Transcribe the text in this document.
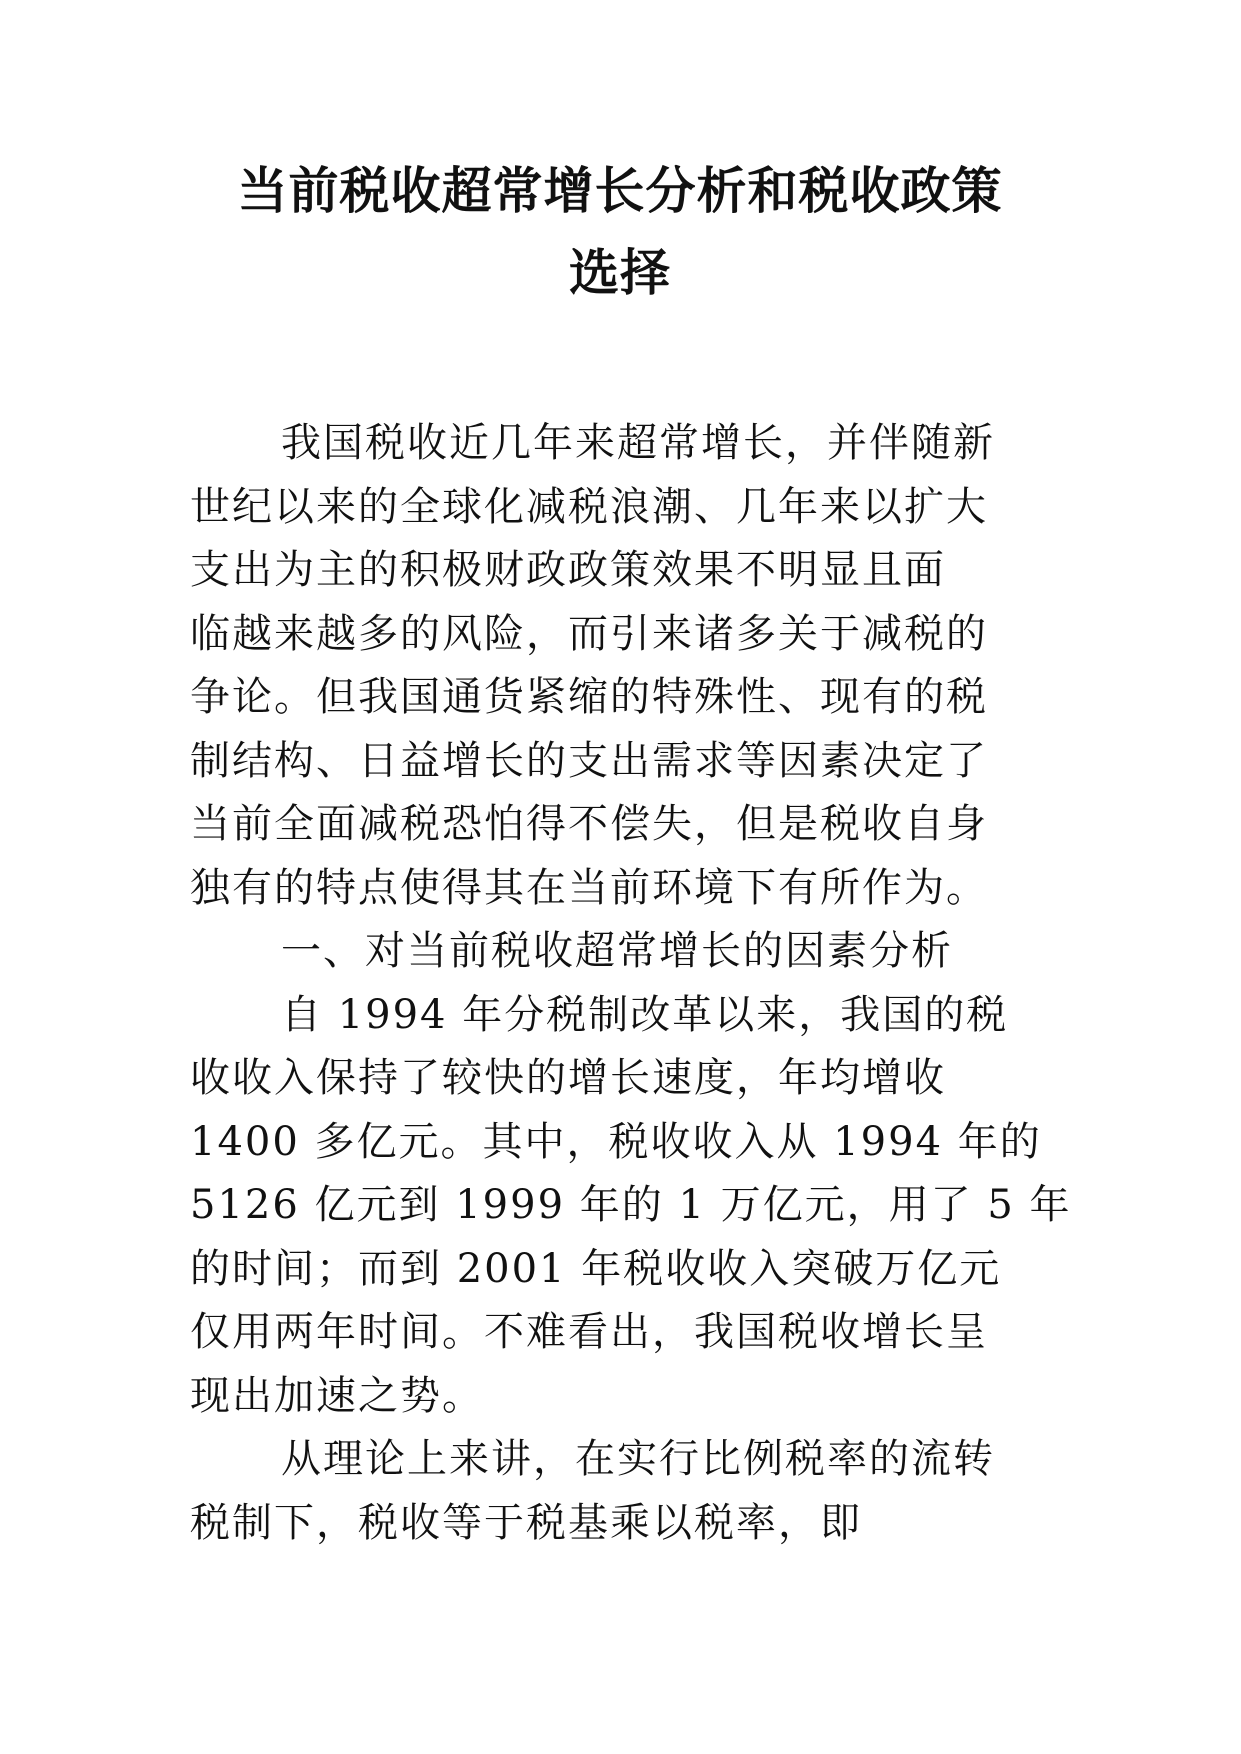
当前税收超常增长分析和税收政策
选择
我国税收近几年来超常增长，并伴随新
世纪以来的全球化减税浪潮、几年来以扩大
支出为主的积极财政政策效果不明显且面
临越来越多的风险，而引来诸多关于减税的
争论。但我国通货紧缩的特殊性、现有的税
制结构、日益增长的支出需求等因素决定了
当前全面减税恐怕得不偿失，但是税收自身
独有的特点使得其在当前环境下有所作为。
一、对当前税收超常增长的因素分析
自 1994 年分税制改革以来，我国的税
收收入保持了较快的增长速度，年均增收
1400 多亿元。其中，税收收入从 1994 年的
5126 亿元到 1999 年的 1 万亿元，用了 5 年
的时间；而到 2001 年税收收入突破万亿元
仅用两年时间。不难看出，我国税收增长呈
现出加速之势。
从理论上来讲，在实行比例税率的流转
税制下，税收等于税基乘以税率，即
